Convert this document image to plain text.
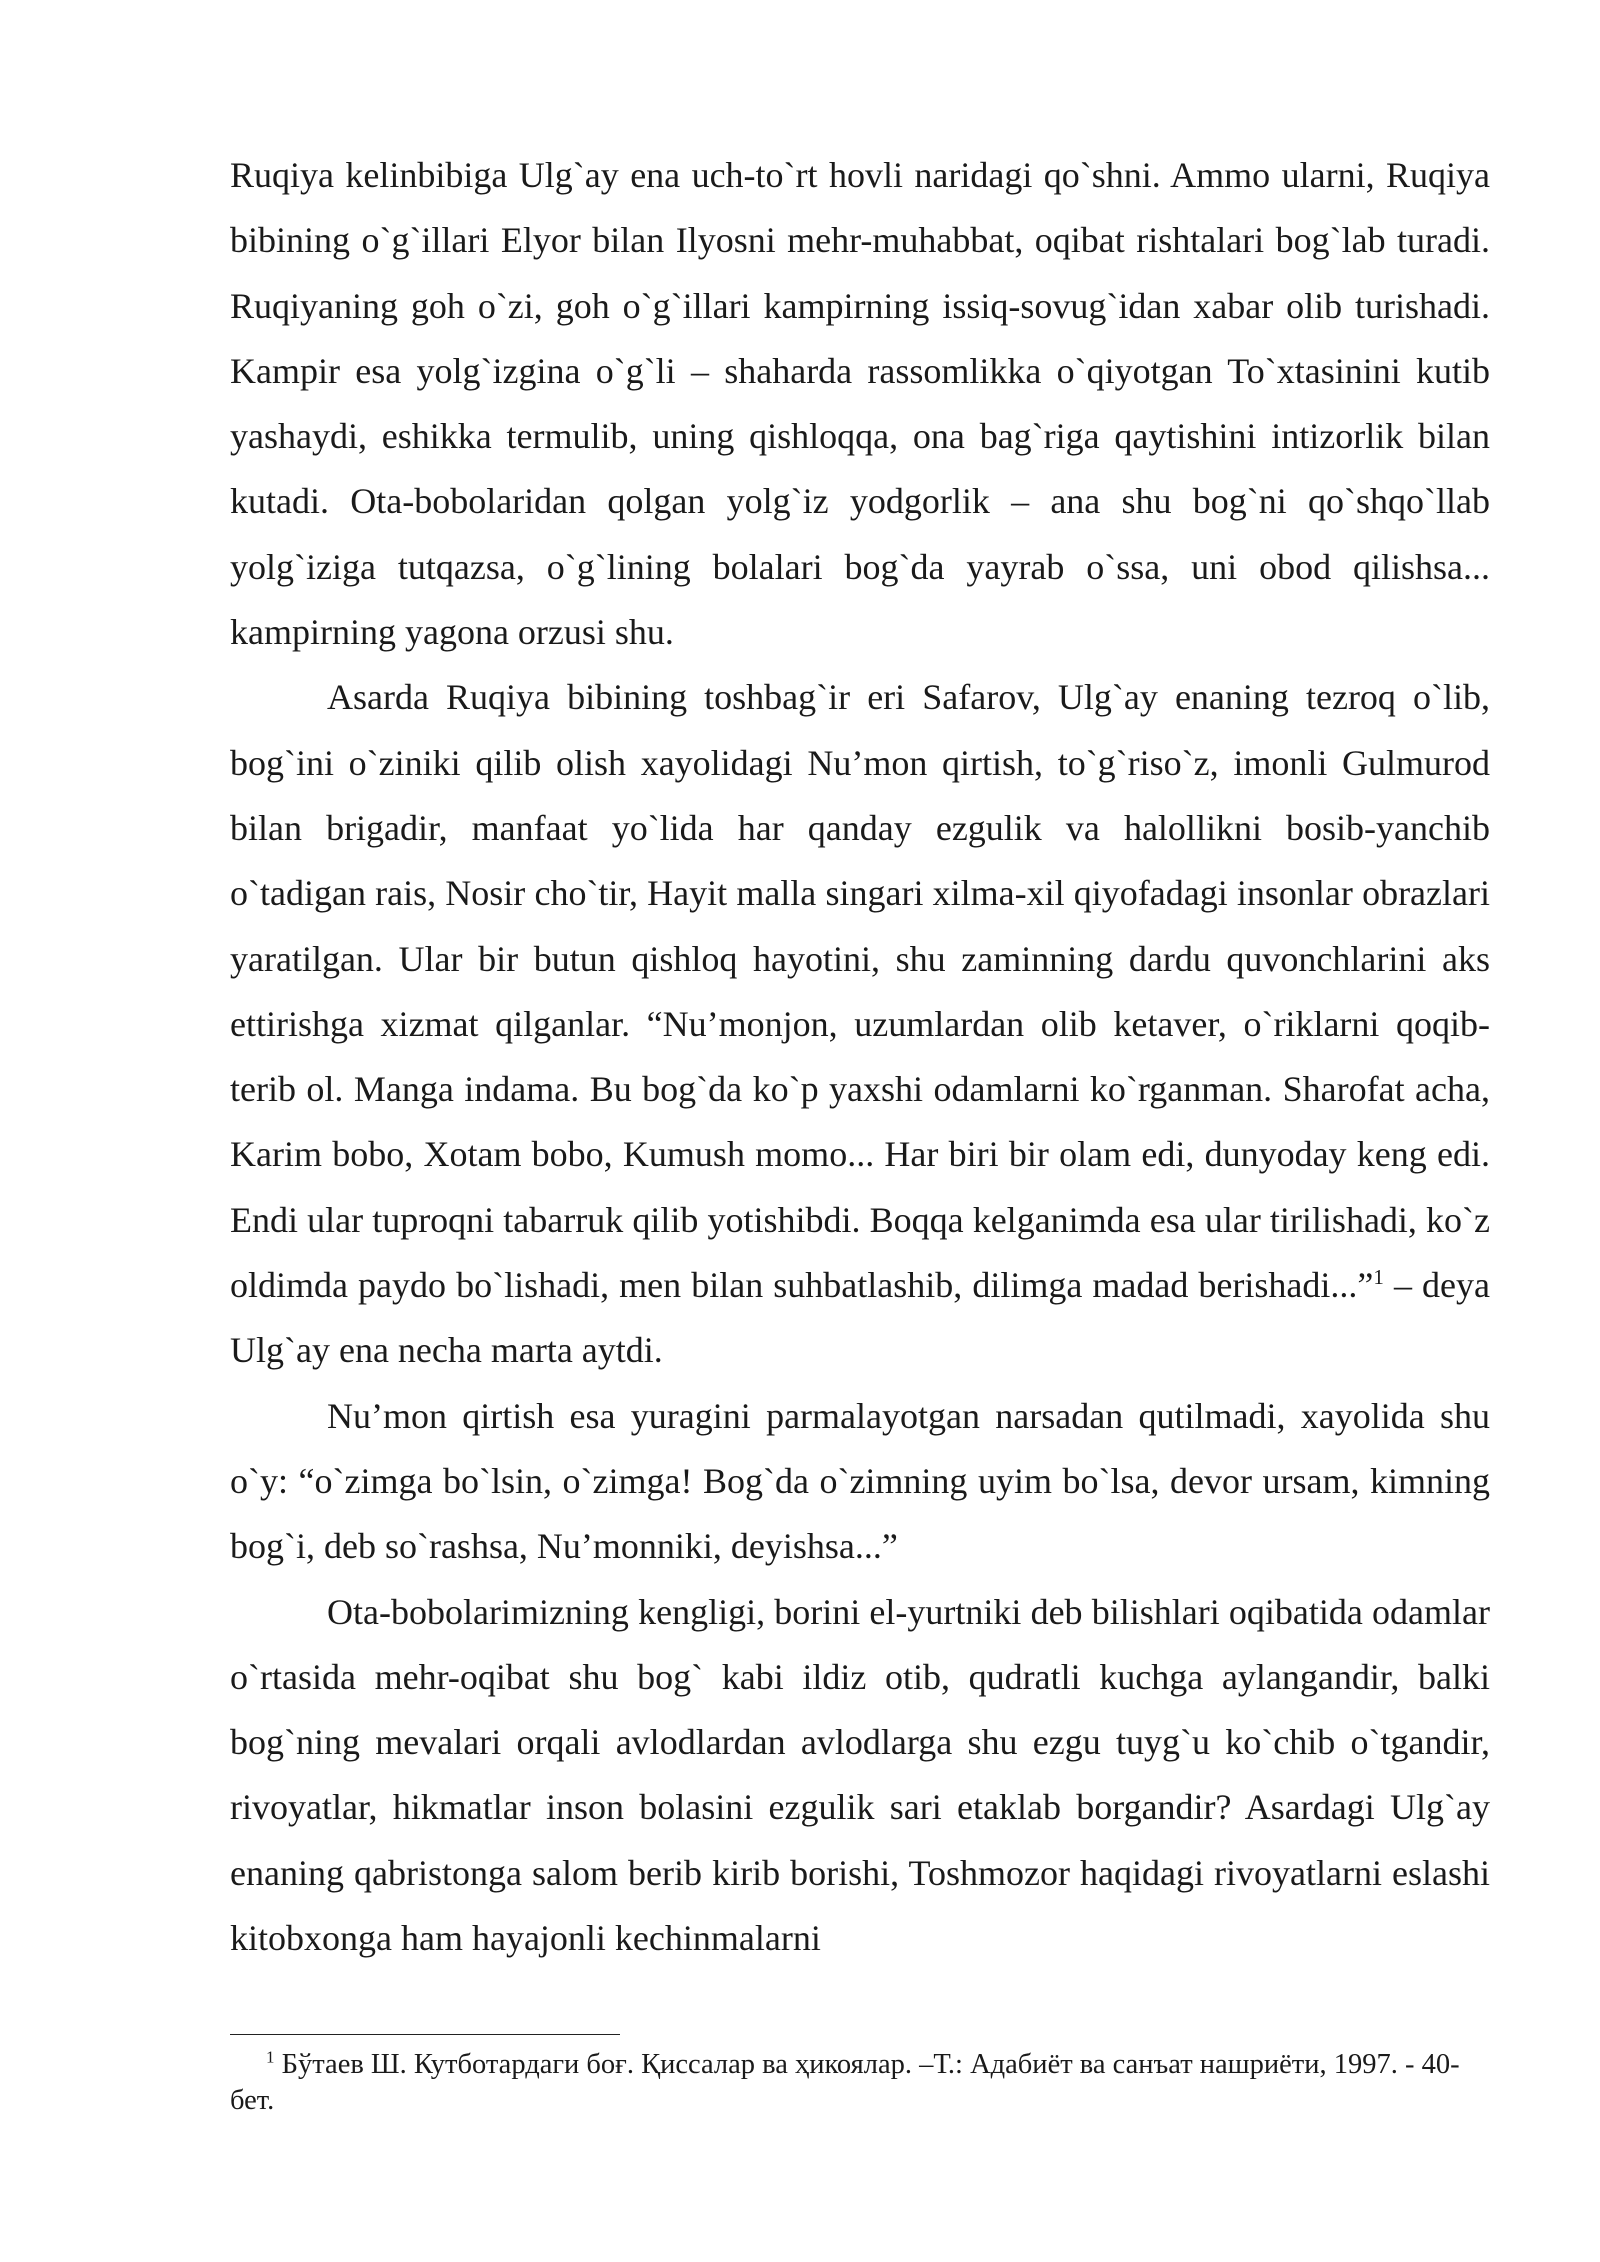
Ruqiya kelinbibiga Ulg`ay ena uch-to`rt hovli naridagi qo`shni. Ammo ularni, Ruqiya bibining o`g`illari Elyor bilan Ilyosni mehr-muhabbat, oqibat rishtalari bog`lab turadi. Ruqiyaning goh o`zi, goh o`g`illari kampirning issiq-sovug`idan xabar olib turishadi. Kampir esa yolg`izgina o`g`li – shaharda rassomlikka o`qiyotgan To`xtasinini kutib yashaydi, eshikka termulib, uning qishloqqa, ona bag`riga qaytishini intizorlik bilan kutadi. Ota-bobolaridan qolgan yolg`iz yodgorlik – ana shu bog`ni qo`shqo`llab yolg`iziga tutqazsa, o`g`lining bolalari bog`da yayrab o`ssa, uni obod qilishsa... kampirning yagona orzusi shu.

Asarda Ruqiya bibining toshbag`ir eri Safarov, Ulg`ay enaning tezroq o`lib, bog`ini o`ziniki qilib olish xayolidagi Nu’mon qirtish, to`g`riso`z, imonli Gulmurod bilan brigadir, manfaat yo`lida har qanday ezgulik va halollikni bosib-yanchib o`tadigan rais, Nosir cho`tir, Hayit malla singari xilma-xil qiyofadagi insonlar obrazlari yaratilgan. Ular bir butun qishloq hayotini, shu zaminning dardu quvonchlarini aks ettirishga xizmat qilganlar. “Nu’monjon, uzumlardan olib ketaver, o`riklarni qoqib-terib ol. Manga indama. Bu bog`da ko`p yaxshi odamlarni ko`rganman. Sharofat acha, Karim bobo, Xotam bobo, Kumush momo... Har biri bir olam edi, dunyoday keng edi. Endi ular tuproqni tabarruk qilib yotishibdi. Boqqa kelganimda esa ular tirilishadi, ko`z oldimda paydo bo`lishadi, men bilan suhbatlashib, dilimga madad berishadi...”$^1$ – deya Ulg`ay ena necha marta aytdi.

Nu’mon qirtish esa yuragini parmalayotgan narsadan qutilmadi, xayolida shu o`y: “o`zimga bo`lsin, o`zimga! Bog`da o`zimning uyim bo`lsa, devor ursam, kimning bog`i, deb so`rashsa, Nu’monniki, deyishsa...”

Ota-bobolarimizning kengligi, borini el-yurtniki deb bilishlari oqibatida odamlar o`rtasida mehr-oqibat shu bog` kabi ildiz otib, qudratli kuchga aylangandir, balki bog`ning mevalari orqali avlodlardan avlodlarga shu ezgu tuyg`u ko`chib o`tgandir, rivoyatlar, hikmatlar inson bolasini ezgulik sari etaklab borgandir? Asardagi Ulg`ay enaning qabristonga salom berib kirib borishi, Toshmozor haqidagi rivoyatlarni eslashi kitobxonga ham hayajonli kechinmalarni

$^1$ Бўтаев Ш. Кутботардаги боғ. Қиссалар ва ҳикоялар. –Т.: Адабиёт ва санъат нашриёти, 1997. - 40-бет.
